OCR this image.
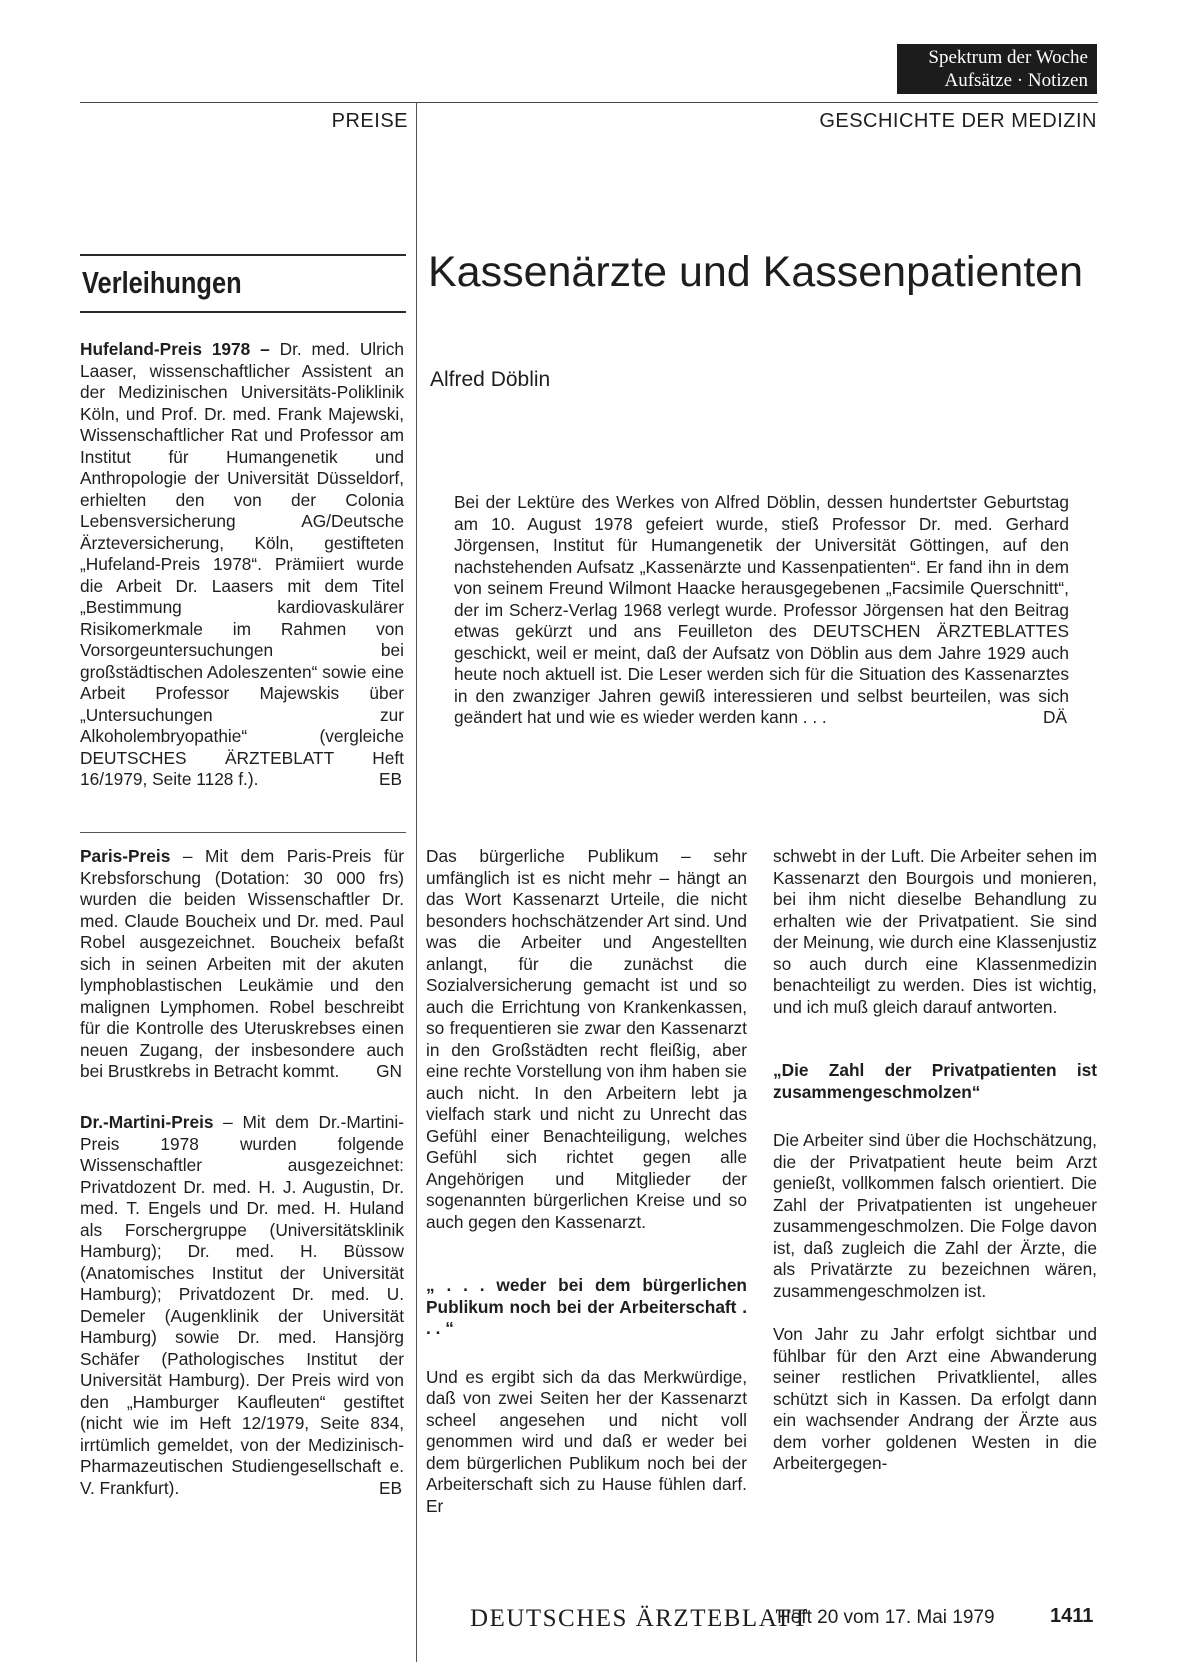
Spektrum der Woche
Aufsätze · Notizen
PREISE	GESCHICHTE DER MEDIZIN
Verleihungen

Hufeland-Preis 1978 – Dr. med. Ulrich Laaser, wissenschaftlicher Assistent an der Medizinischen Universitäts-Poliklinik Köln, und Prof. Dr. med. Frank Majewski, Wissenschaftlicher Rat und Professor am Institut für Humangenetik und Anthropologie der Universität Düsseldorf, erhielten den von der Colonia Lebensversicherung AG/Deutsche Ärzteversicherung, Köln, gestifteten „Hufeland-Preis 1978“. Prämiiert wurde die Arbeit Dr. Laasers mit dem Titel „Bestimmung kardiovaskulärer Risikomerkmale im Rahmen von Vorsorgeuntersuchungen bei großstädtischen Adoleszenten“ sowie eine Arbeit Professor Majewskis über „Untersuchungen zur Alkoholembryopathie“ (vergleiche DEUTSCHES ÄRZTEBLATT Heft 16/1979, Seite 1128 f.).	EB

Paris-Preis – Mit dem Paris-Preis für Krebsforschung (Dotation: 30 000 frs) wurden die beiden Wissenschaftler Dr. med. Claude Boucheix und Dr. med. Paul Robel ausgezeichnet. Boucheix befaßt sich in seinen Arbeiten mit der akuten lymphoblastischen Leukämie und den malignen Lymphomen. Robel beschreibt für die Kontrolle des Uteruskrebses einen neuen Zugang, der insbesondere auch bei Brustkrebs in Betracht kommt. GN

Dr.-Martini-Preis – Mit dem Dr.-Martini-Preis 1978 wurden folgende Wissenschaftler ausgezeichnet: Privatdozent Dr. med. H. J. Augustin, Dr. med. T. Engels und Dr. med. H. Huland als Forschergruppe (Universitätsklinik Hamburg); Dr. med. H. Büssow (Anatomisches Institut der Universität Hamburg); Privatdozent Dr. med. U. Demeler (Augenklinik der Universität Hamburg) sowie Dr. med. Hansjörg Schäfer (Pathologisches Institut der Universität Hamburg). Der Preis wird von den „Hamburger Kaufleuten“ gestiftet (nicht wie im Heft 12/1979, Seite 834, irrtümlich gemeldet, von der Medizinisch-Pharmazeutischen Studiengesellschaft e. V. Frankfurt).	EB

Kassenärzte und Kassenpatienten
Alfred Döblin

Bei der Lektüre des Werkes von Alfred Döblin, dessen hundertster Geburtstag am 10. August 1978 gefeiert wurde, stieß Professor Dr. med. Gerhard Jörgensen, Institut für Humangenetik der Universität Göttingen, auf den nachstehenden Aufsatz „Kassenärzte und Kassenpatienten“. Er fand ihn in dem von seinem Freund Wilmont Haacke herausgegebenen „Facsimile Querschnitt“, der im Scherz-Verlag 1968 verlegt wurde. Professor Jörgensen hat den Beitrag etwas gekürzt und ans Feuilleton des DEUTSCHEN ÄRZTEBLATTES geschickt, weil er meint, daß der Aufsatz von Döblin aus dem Jahre 1929 auch heute noch aktuell ist. Die Leser werden sich für die Situation des Kassenarztes in den zwanziger Jahren gewiß interessieren und selbst beurteilen, was sich geändert hat und wie es wieder werden kann . . .	DÄ

Das bürgerliche Publikum – sehr umfänglich ist es nicht mehr – hängt an das Wort Kassenarzt Urteile, die nicht besonders hochschätzender Art sind. Und was die Arbeiter und Angestellten anlangt, für die zunächst die Sozialversicherung gemacht ist und so auch die Errichtung von Krankenkassen, so frequentieren sie zwar den Kassenarzt in den Großstädten recht fleißig, aber eine rechte Vorstellung von ihm haben sie auch nicht. In den Arbeitern lebt ja vielfach stark und nicht zu Unrecht das Gefühl einer Benachteiligung, welches Gefühl sich richtet gegen alle Angehörigen und Mitglieder der sogenannten bürgerlichen Kreise und so auch gegen den Kassenarzt.

„ . . . weder bei dem bürgerlichen Publikum noch bei der Arbeiterschaft . . . “

Und es ergibt sich da das Merkwürdige, daß von zwei Seiten her der Kassenarzt scheel angesehen und nicht voll genommen wird und daß er weder bei dem bürgerlichen Publikum noch bei der Arbeiterschaft sich zu Hause fühlen darf. Er

schwebt in der Luft. Die Arbeiter sehen im Kassenarzt den Bourgois und monieren, bei ihm nicht dieselbe Behandlung zu erhalten wie der Privatpatient. Sie sind der Meinung, wie durch eine Klassenjustiz so auch durch eine Klassenmedizin benachteiligt zu werden. Dies ist wichtig, und ich muß gleich darauf antworten.

„Die Zahl der Privatpatienten ist zusammengeschmolzen“

Die Arbeiter sind über die Hochschätzung, die der Privatpatient heute beim Arzt genießt, vollkommen falsch orientiert. Die Zahl der Privatpatienten ist ungeheuer zusammengeschmolzen. Die Folge davon ist, daß zugleich die Zahl der Ärzte, die als Privatärzte zu bezeichnen wären, zusammengeschmolzen ist.

Von Jahr zu Jahr erfolgt sichtbar und fühlbar für den Arzt eine Abwanderung seiner restlichen Privatklientel, alles schützt sich in Kassen. Da erfolgt dann ein wachsender Andrang der Ärzte aus dem vorher goldenen Westen in die Arbeitergegen-

DEUTSCHES ÄRZTEBLATT
Heft 20 vom 17. Mai 1979	1411
